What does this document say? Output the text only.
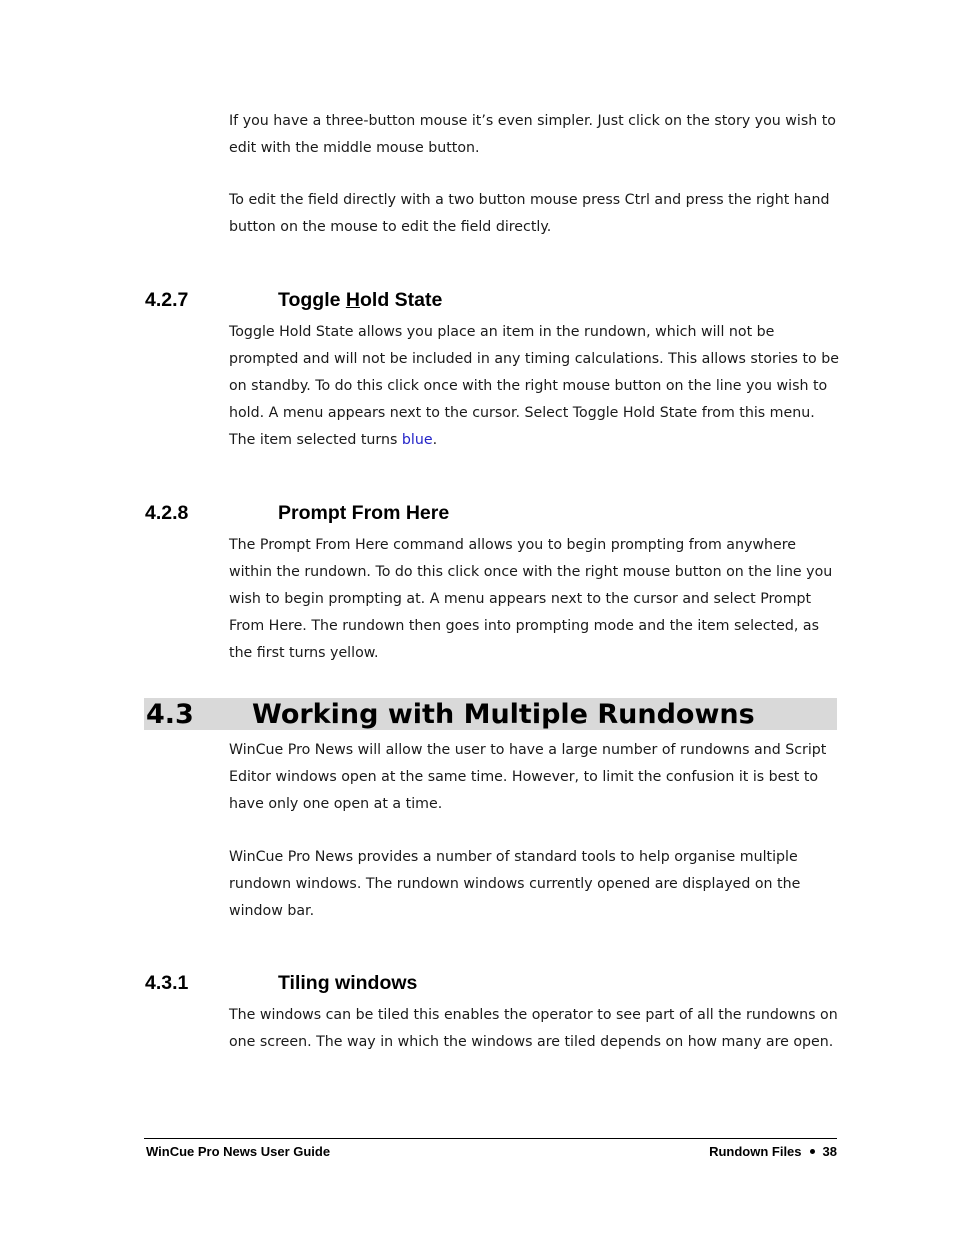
If you have a three-button mouse it’s even simpler. Just click on the story you wish to edit with the middle mouse button.

To edit the field directly with a two button mouse press Ctrl and press the right hand button on the mouse to edit the field directly.

4.2.7	Toggle Hold State

Toggle Hold State allows you place an item in the rundown, which will not be prompted and will not be included in any timing calculations. This allows stories to be on standby. To do this click once with the right mouse button on the line you wish to hold. A menu appears next to the cursor. Select Toggle Hold State from this menu. The item selected turns blue.

4.2.8	Prompt From Here

The Prompt From Here command allows you to begin prompting from anywhere within the rundown. To do this click once with the right mouse button on the line you wish to begin prompting at. A menu appears next to the cursor and select Prompt From Here. The rundown then goes into prompting mode and the item selected, as the first turns yellow.

4.3 Working with Multiple Rundowns

WinCue Pro News will allow the user to have a large number of rundowns and Script Editor windows open at the same time. However, to limit the confusion it is best to have only one open at a time.

WinCue Pro News provides a number of standard tools to help organise multiple rundown windows. The rundown windows currently opened are displayed on the window bar.

4.3.1	Tiling windows

The windows can be tiled this enables the operator to see part of all the rundowns on one screen. The way in which the windows are tiled depends on how many are open.

WinCue Pro News User Guide	Rundown Files 38
